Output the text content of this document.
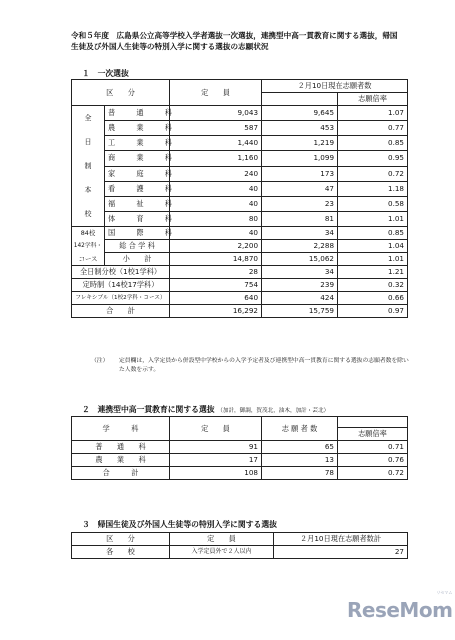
令和５年度　広島県公立高等学校入学者選抜一次選抜，連携型中高一貫教育に関する選抜，帰国生徒及び外国人生徒等の特別入学に関する選抜の志願状況
１　一次選抜
区　　分		定　　員	２月10日現在志願者数	
				志願倍率

全
日
制
本
校	普　通　科	9,043	9,645	1.07
	農　業　科	587	453	0.77
	工　業　科	1,440	1,219	0.85
	商　業　科	1,160	1,099	0.95
	家　庭　科	240	173	0.72
	看　護　科	40	47	1.18
	福　祉　科	40	23	0.58
	体　育　科	80	81	1.01
84校	国　際　科	40	34	0.85
142学科・	総 合 学 科	2,200	2,288	1.04
コース	小　　計	14,870	15,062	1.01
全日制分校（1校1学科）		28	34	1.21
定時制（14校17学科）		754	239	0.32
フレキシブル（1校2学科・コース）		640	424	0.66
合　　計		16,292	15,759	0.97
（注） 定員欄は，入学定員から併設型中学校からの入学予定者及び連携型中高一貫教育に関する選抜の志願者数を除いた人数を示す。
２　連携型中高一貫教育に関する選抜 （加計，御調，賀茂北，油木，加計・芸北）
学　　　科	定　　員	志 願 者 数	
			志願倍率
普　　通　　科	91	65	0.71
農　　業　　科	17	13	0.76
合　　　計	108	78	0.72
３　帰国生徒及び外国人生徒等の特別入学に関する選抜
区　　分	定　　員	２月10日現在志願者数計
各　　校	入学定員外で２人以内	27
ReseMom
リセマム
